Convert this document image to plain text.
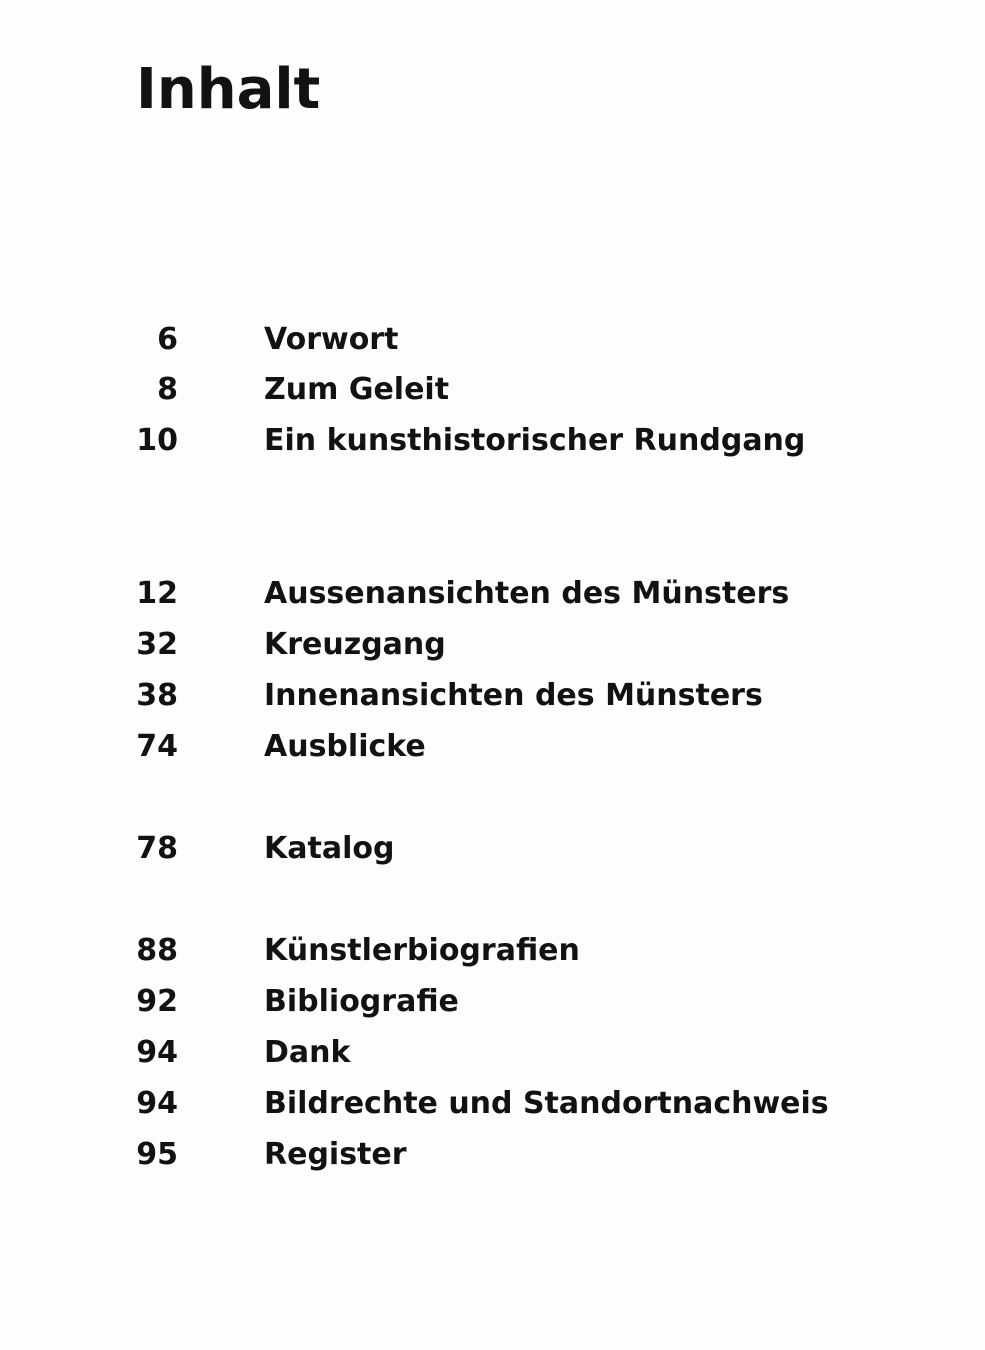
Inhalt
6	Vorwort
8	Zum Geleit
10	Ein kunsthistorischer Rundgang
12	Aussenansichten des Münsters
32	Kreuzgang
38	Innenansichten des Münsters
74	Ausblicke
78	Katalog
88	Künstlerbiografien
92	Bibliografie
94	Dank
94	Bildrechte und Standortnachweis
95	Register
